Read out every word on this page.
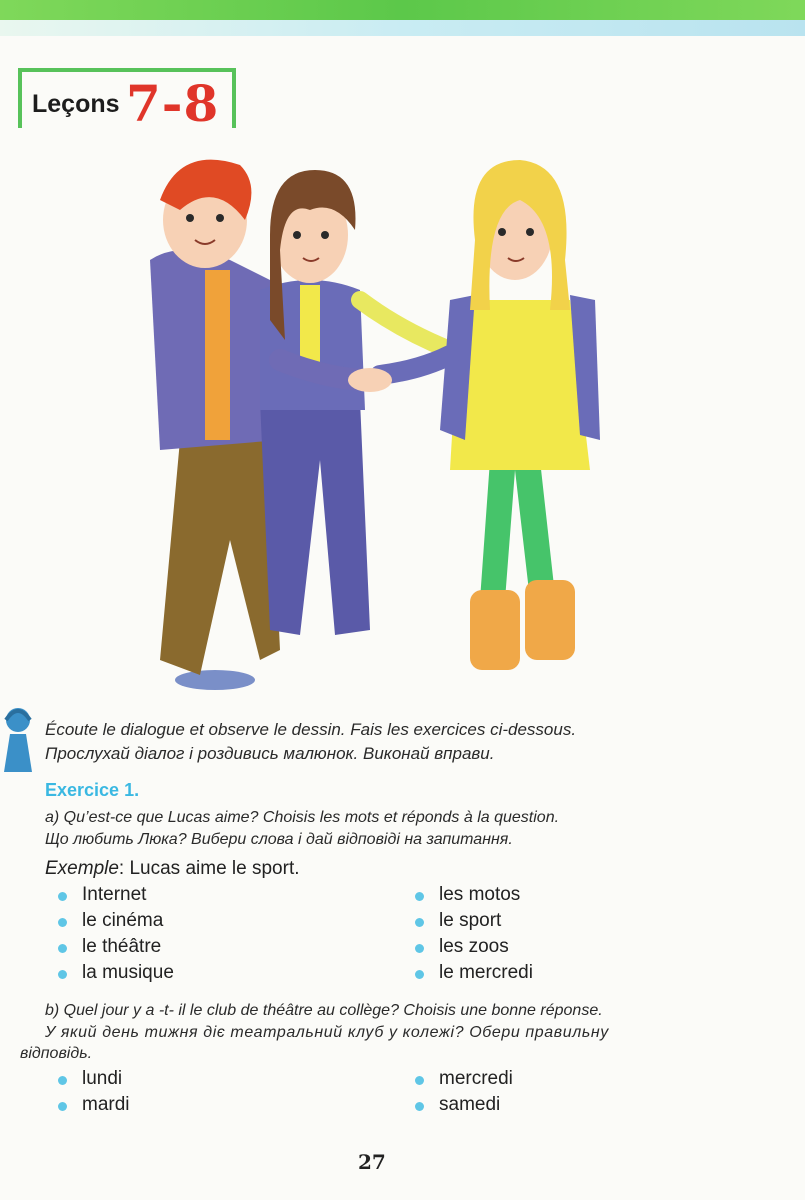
Leçons 7-8
Écoute le dialogue et observe le dessin. Fais les exercices ci-dessous.
Прослухай діалог і роздивись малюнок. Виконай вправи.
Exercice 1.
a) Qu’est-ce que Lucas aime? Choisis les mots et réponds à la question.
Що любить Люка? Вибери слова і дай відповіді на запитання.
Exemple: Lucas aime le sport.
Internet
le cinéma
le théâtre
la musique
les motos
le sport
les zoos
le mercredi
b) Quel jour y a -t- il le club de théâtre au collège? Choisis une bonne réponse.
У який день тижня діє театральний клуб у колежі? Обери правильну
відповідь.
lundi
mardi
mercredi
samedi
27
